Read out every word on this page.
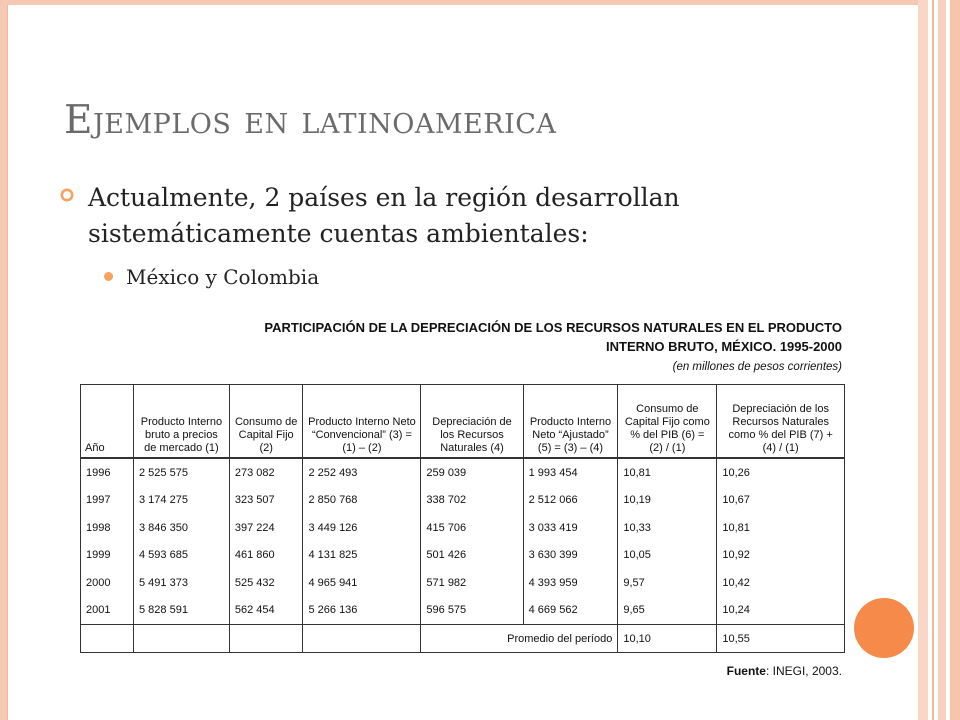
Ejemplos en latinoamerica
Actualmente, 2 países en la región desarrollan sistemáticamente cuentas ambientales:
México y Colombia
PARTICIPACIÓN DE LA DEPRECIACIÓN DE LOS RECURSOS NATURALES EN EL PRODUCTO
INTERNO BRUTO, MÉXICO. 1995-2000
(en millones de pesos corrientes)
Año	Producto Interno bruto a precios de mercado (1)	Consumo de Capital Fijo (2)	Producto Interno Neto “Convencional” (3) = (1) – (2)	Depreciación de los Recursos Naturales (4)	Producto Interno Neto “Ajustado” (5) = (3) – (4)	Consumo de Capital Fijo como % del PIB (6) = (2) / (1)	Depreciación de los Recursos Naturales como % del PIB (7) + (4) / (1)
1996	2 525 575	273 082	2 252 493	259 039	1 993 454	10,81	10,26
1997	3 174 275	323 507	2 850 768	338 702	2 512 066	10,19	10,67
1998	3 846 350	397 224	3 449 126	415 706	3 033 419	10,33	10,81
1999	4 593 685	461 860	4 131 825	501 426	3 630 399	10,05	10,92
2000	5 491 373	525 432	4 965 941	571 982	4 393 959	9,57	10,42
2001	5 828 591	562 454	5 266 136	596 575	4 669 562	9,65	10,24
				Promedio del período		10,10	10,55
Fuente: INEGI, 2003.
